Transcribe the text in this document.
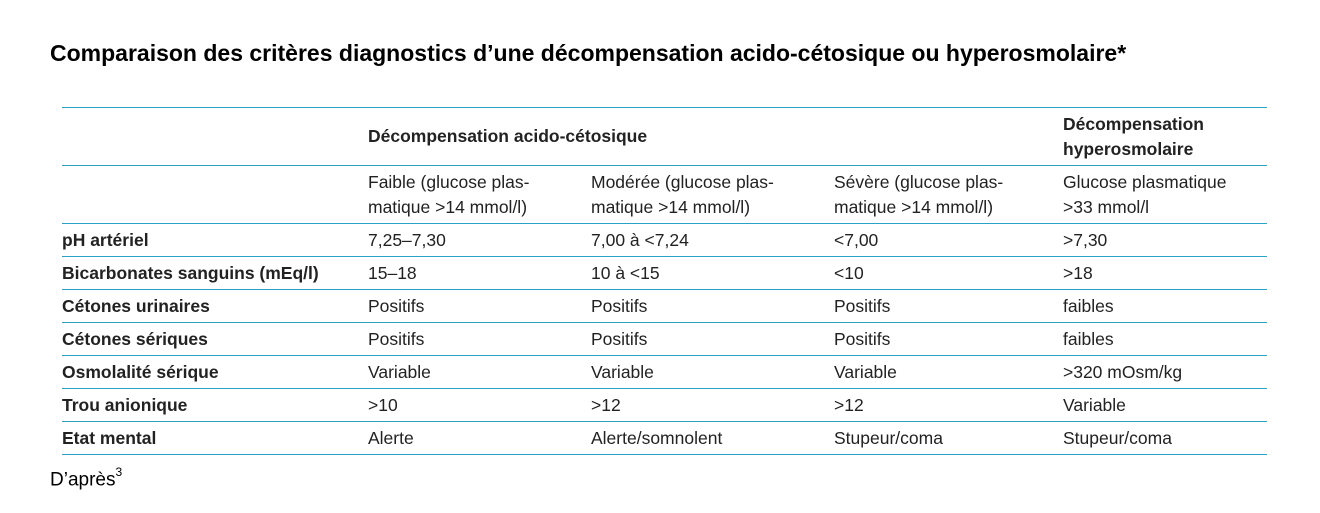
Comparaison des critères diagnostics d’une décompensation acido-cétosique ou hyperosmolaire*
	Décompensation acido-cétosique			Décompensation
hyperosmolaire

	Faible (glucose plas-
matique >14 mmol/l)	Modérée (glucose plas-
matique >14 mmol/l)	Sévère (glucose plas-
matique >14 mmol/l)	Glucose plasmatique
>33 mmol/l

pH artériel	7,25–7,30	7,00 à <7,24	<7,00	>7,30
Bicarbonates sanguins (mEq/l)	15–18	10 à <15	<10	>18
Cétones urinaires	Positifs	Positifs	Positifs	faibles
Cétones sériques	Positifs	Positifs	Positifs	faibles
Osmolalité sérique	Variable	Variable	Variable	>320 mOsm/kg
Trou anionique	>10	>12	>12	Variable
Etat mental	Alerte	Alerte/somnolent	Stupeur/coma	Stupeur/coma
D’après$^3$
